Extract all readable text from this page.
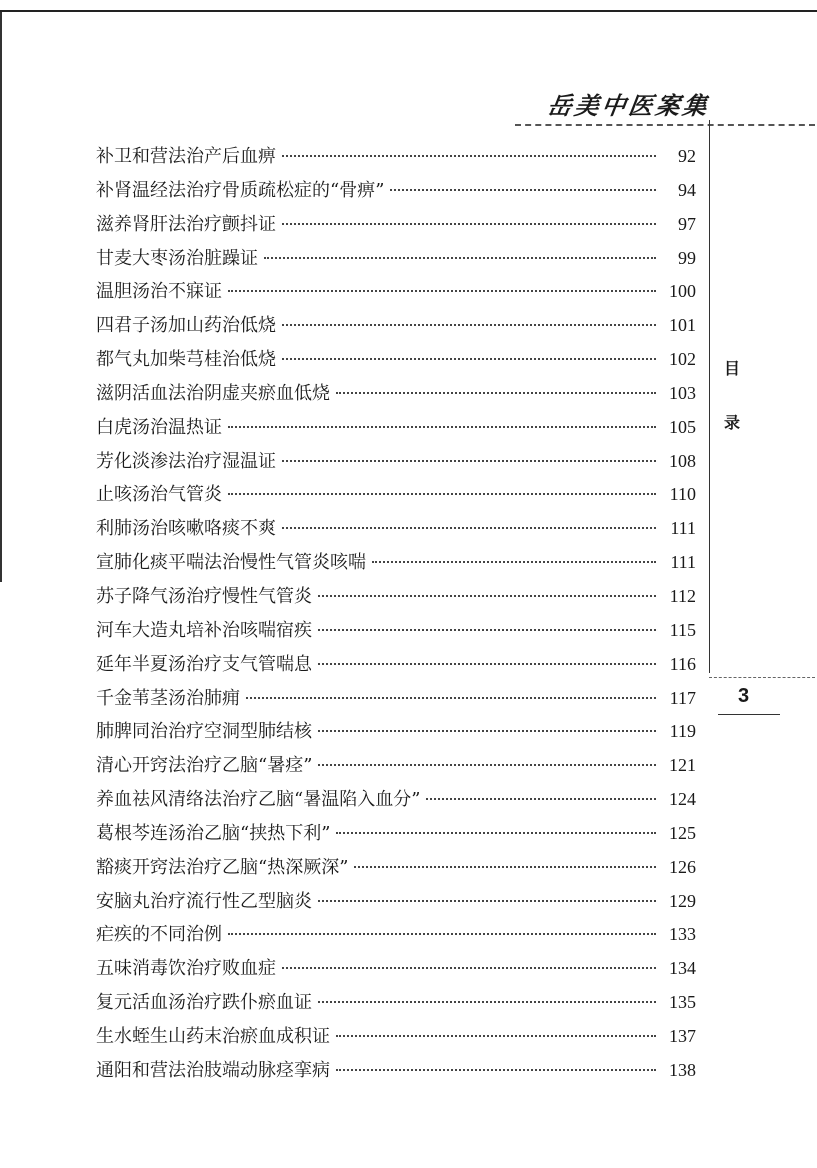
岳美中医案集
目
录
3
补卫和营法治产后血痹	92
补肾温经法治疗骨质疏松症的“骨痹”	94
滋养肾肝法治疗颤抖证	97
甘麦大枣汤治脏躁证	99
温胆汤治不寐证	100
四君子汤加山药治低烧	101
都气丸加柴芎桂治低烧	102
滋阴活血法治阴虚夹瘀血低烧	103
白虎汤治温热证	105
芳化淡渗法治疗湿温证	108
止咳汤治气管炎	110
利肺汤治咳嗽咯痰不爽	111
宣肺化痰平喘法治慢性气管炎咳喘	111
苏子降气汤治疗慢性气管炎	112
河车大造丸培补治咳喘宿疾	115
延年半夏汤治疗支气管喘息	116
千金苇茎汤治肺痈	117
肺脾同治治疗空洞型肺结核	119
清心开窍法治疗乙脑“暑痉”	121
养血祛风清络法治疗乙脑“暑温陷入血分”	124
葛根芩连汤治乙脑“挟热下利”	125
豁痰开窍法治疗乙脑“热深厥深”	126
安脑丸治疗流行性乙型脑炎	129
疟疾的不同治例	133
五味消毒饮治疗败血症	134
复元活血汤治疗跌仆瘀血证	135
生水蛭生山药末治瘀血成积证	137
通阳和营法治肢端动脉痉挛病	138
